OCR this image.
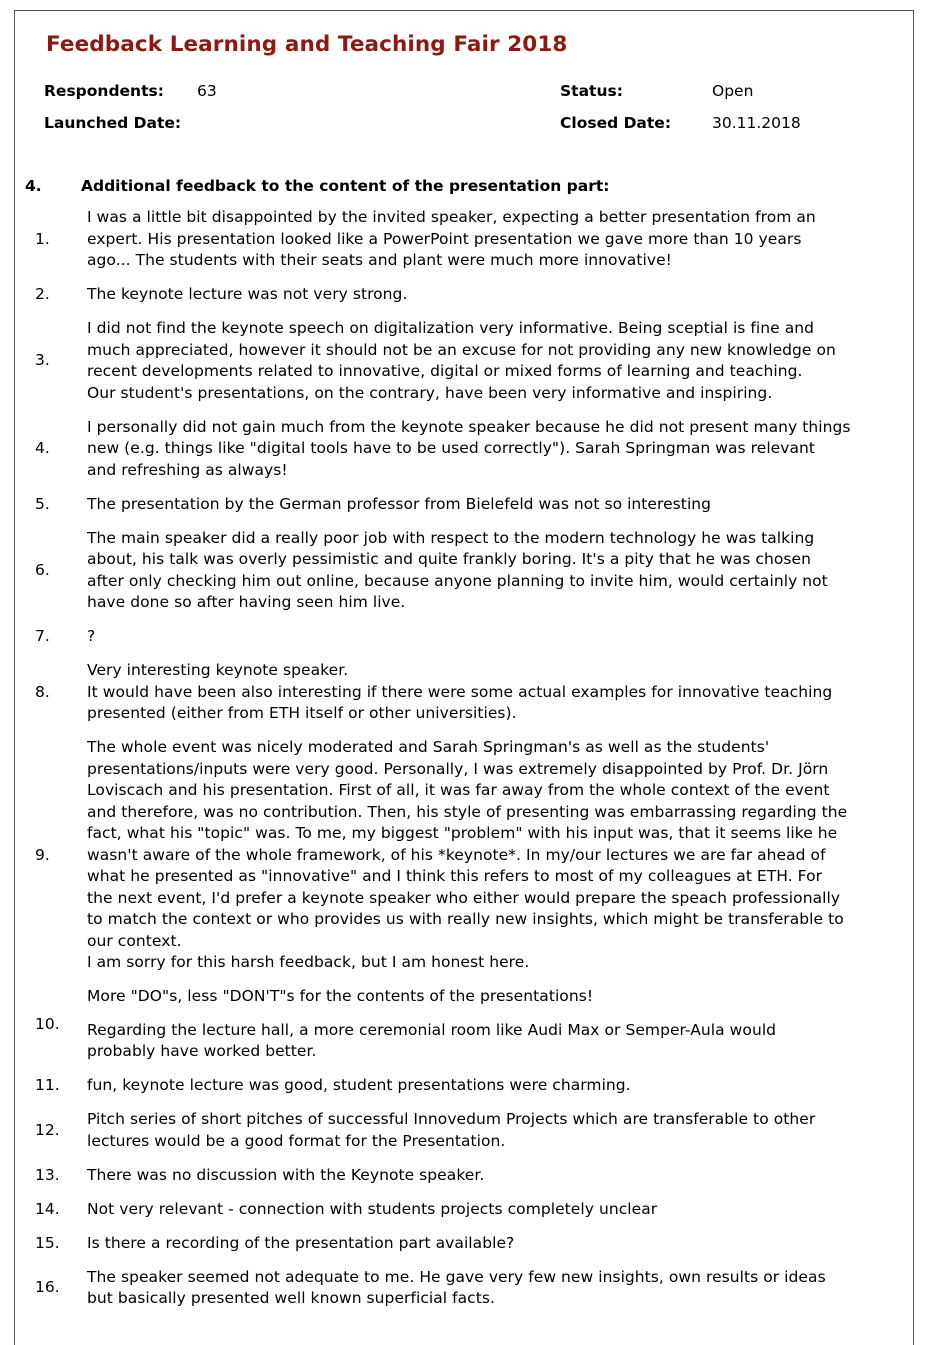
Feedback Learning and Teaching Fair 2018
Respondents: 63	Status:	Open
Launched Date:	Closed Date:	30.11.2018
4.	Additional feedback to the content of the presentation part:
1.
I was a little bit disappointed by the invited speaker, expecting a better presentation from an
expert. His presentation looked like a PowerPoint presentation we gave more than 10 years
ago... The students with their seats and plant were much more innovative!
2.	The keynote lecture was not very strong.
3.
I did not find the keynote speech on digitalization very informative. Being sceptial is fine and
much appreciated, however it should not be an excuse for not providing any new knowledge on
recent developments related to innovative, digital or mixed forms of learning and teaching.
Our student's presentations, on the contrary, have been very informative and inspiring.
4.
I personally did not gain much from the keynote speaker because he did not present many things
new (e.g. things like "digital tools have to be used correctly"). Sarah Springman was relevant
and refreshing as always!
5.	The presentation by the German professor from Bielefeld was not so interesting
6.
The main speaker did a really poor job with respect to the modern technology he was talking
about, his talk was overly pessimistic and quite frankly boring. It's a pity that he was chosen
after only checking him out online, because anyone planning to invite him, would certainly not
have done so after having seen him live.
7.	?
8.
Very interesting keynote speaker.
It would have been also interesting if there were some actual examples for innovative teaching
presented (either from ETH itself or other universities).
9.
The whole event was nicely moderated and Sarah Springman's as well as the students'
presentations/inputs were very good. Personally, I was extremely disappointed by Prof. Dr. Jörn
Loviscach and his presentation. First of all, it was far away from the whole context of the event
and therefore, was no contribution. Then, his style of presenting was embarrassing regarding the
fact, what his "topic" was. To me, my biggest "problem" with his input was, that it seems like he
wasn't aware of the whole framework, of his *keynote*. In my/our lectures we are far ahead of
what he presented as "innovative" and I think this refers to most of my colleagues at ETH. For
the next event, I'd prefer a keynote speaker who either would prepare the speach professionally
to match the context or who provides us with really new insights, which might be transferable to
our context.
I am sorry for this harsh feedback, but I am honest here.
10.
More "DO"s, less "DON'T"s for the contents of the presentations!
Regarding the lecture hall, a more ceremonial room like Audi Max or Semper-Aula would
probably have worked better.
11.	fun, keynote lecture was good, student presentations were charming.
12.
Pitch series of short pitches of successful Innovedum Projects which are transferable to other
lectures would be a good format for the Presentation.
13.	There was no discussion with the Keynote speaker.
14.	Not very relevant - connection with students projects completely unclear
15.	Is there a recording of the presentation part available?
16.
The speaker seemed not adequate to me. He gave very few new insights, own results or ideas
but basically presented well known superficial facts.
